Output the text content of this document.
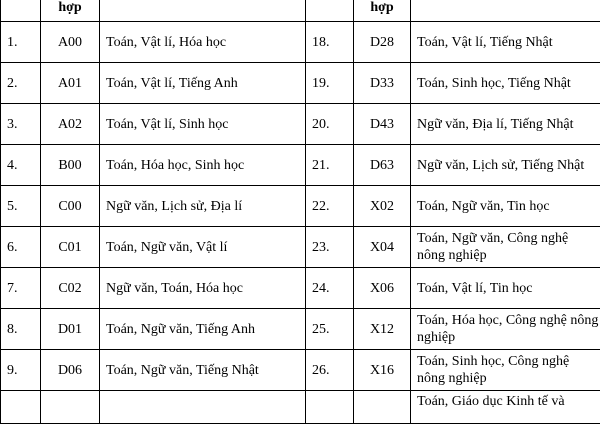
	hợp			hợp	
1.	A00	Toán, Vật lí, Hóa học	18.	D28	Toán, Vật lí, Tiếng Nhật
2.	A01	Toán, Vật lí, Tiếng Anh	19.	D33	Toán, Sinh học, Tiếng Nhật
3.	A02	Toán, Vật lí, Sinh học	20.	D43	Ngữ văn, Địa lí, Tiếng Nhật
4.	B00	Toán, Hóa học, Sinh học	21.	D63	Ngữ văn, Lịch sử, Tiếng Nhật
5.	C00	Ngữ văn, Lịch sử, Địa lí	22.	X02	Toán, Ngữ văn, Tin học
6.	C01	Toán, Ngữ văn, Vật lí	23.	X04	Toán, Ngữ văn, Công nghệ nông nghiệp
7.	C02	Ngữ văn, Toán, Hóa học	24.	X06	Toán, Vật lí, Tin học
8.	D01	Toán, Ngữ văn, Tiếng Anh	25.	X12	Toán, Hóa học, Công nghệ nông nghiệp
9.	D06	Toán, Ngữ văn, Tiếng Nhật	26.	X16	Toán, Sinh học, Công nghệ nông nghiệp
					Toán, Giáo dục Kinh tế và
